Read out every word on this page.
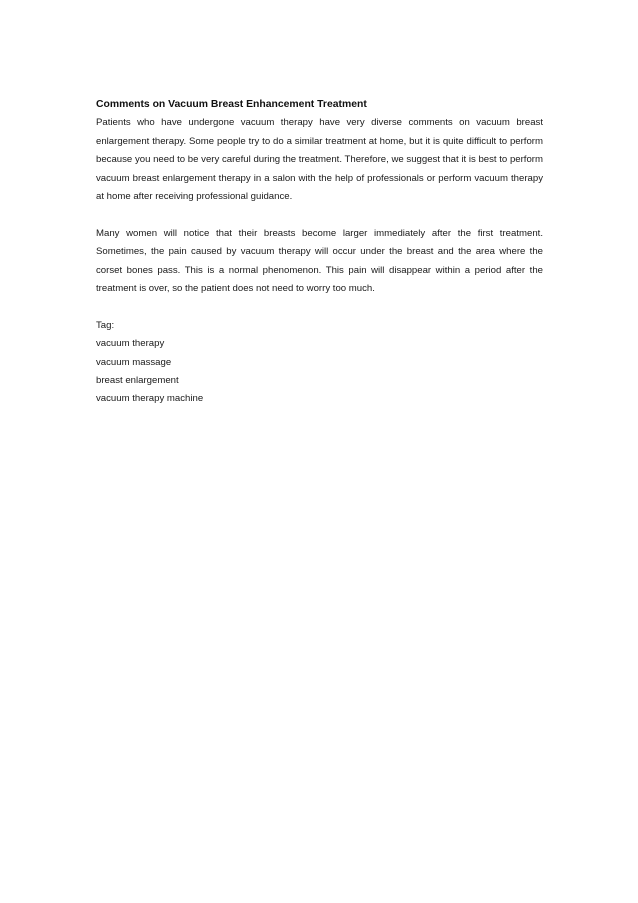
Comments on Vacuum Breast Enhancement Treatment

Patients who have undergone vacuum therapy have very diverse comments on vacuum breast enlargement therapy. Some people try to do a similar treatment at home, but it is quite difficult to perform because you need to be very careful during the treatment. Therefore, we suggest that it is best to perform vacuum breast enlargement therapy in a salon with the help of professionals or perform vacuum therapy at home after receiving professional guidance.

Many women will notice that their breasts become larger immediately after the first treatment. Sometimes, the pain caused by vacuum therapy will occur under the breast and the area where the corset bones pass. This is a normal phenomenon. This pain will disappear within a period after the treatment is over, so the patient does not need to worry too much.

Tag:

vacuum therapy
vacuum massage
breast enlargement
vacuum therapy machine
